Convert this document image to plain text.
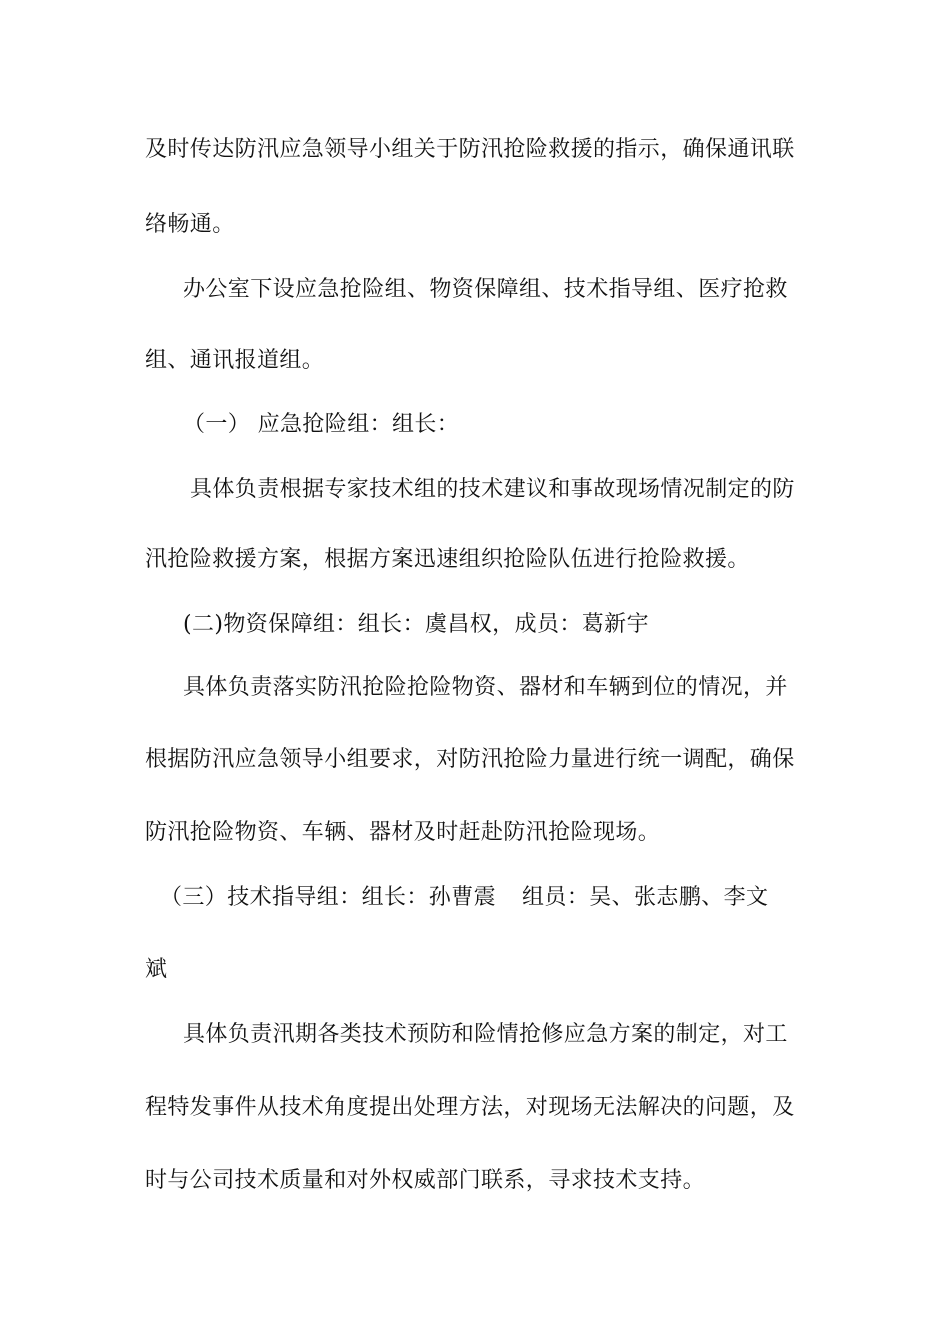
及时传达防汛应急领导小组关于防汛抢险救援的指示，确保通讯联
络畅通。
办公室下设应急抢险组、物资保障组、技术指导组、医疗抢救
组、通讯报道组。
（一） 应急抢险组：组长：
具体负责根据专家技术组的技术建议和事故现场情况制定的防
汛抢险救援方案，根据方案迅速组织抢险队伍进行抢险救援。
(二)物资保障组：组长：虞昌权，成员：葛新宇
具体负责落实防汛抢险抢险物资、器材和车辆到位的情况，并
根据防汛应急领导小组要求，对防汛抢险力量进行统一调配，确保
防汛抢险物资、车辆、器材及时赶赴防汛抢险现场。
（三）技术指导组：组长：孙曹震 组员：吴、张志鹏、李文
斌
具体负责汛期各类技术预防和险情抢修应急方案的制定，对工
程特发事件从技术角度提出处理方法，对现场无法解决的问题，及
时与公司技术质量和对外权威部门联系，寻求技术支持。
